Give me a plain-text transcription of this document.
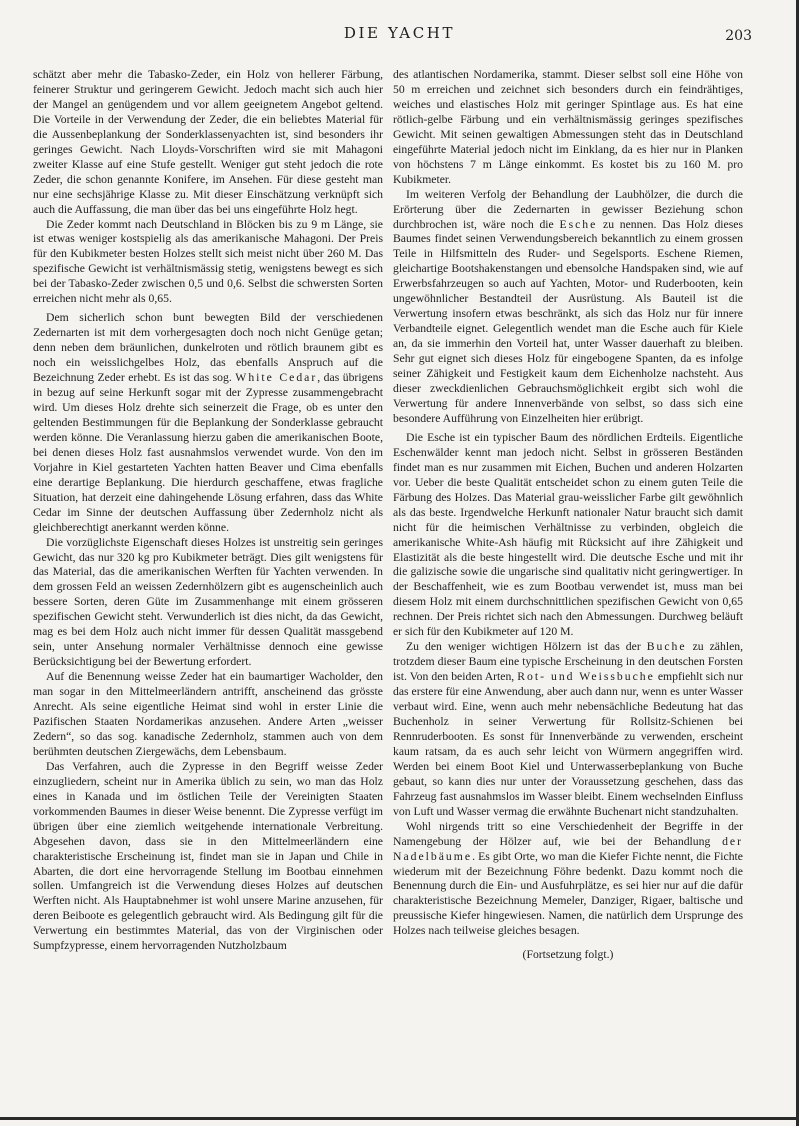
DIE YACHT	203

schätzt aber mehr die Tabasko-Zeder, ein Holz von hellerer Färbung, feinerer Struktur und geringerem Gewicht. Jedoch macht sich auch hier der Mangel an genügendem und vor allem geeignetem Angebot geltend. Die Vorteile in der Verwendung der Zeder, die ein beliebtes Material für die Aussenbeplankung der Sonderklassenyachten ist, sind besonders ihr geringes Gewicht. Nach Lloyds-Vorschriften wird sie mit Mahagoni zweiter Klasse auf eine Stufe gestellt. Weniger gut steht jedoch die rote Zeder, die schon genannte Konifere, im Ansehen. Für diese gesteht man nur eine sechsjährige Klasse zu. Mit dieser Einschätzung verknüpft sich auch die Auffassung, die man über das bei uns eingeführte Holz hegt.

Die Zeder kommt nach Deutschland in Blöcken bis zu 9 m Länge, sie ist etwas weniger kostspielig als das amerikanische Mahagoni. Der Preis für den Kubikmeter besten Holzes stellt sich meist nicht über 260 M. Das spezifische Gewicht ist verhältnismässig stetig, wenigstens bewegt es sich bei der Tabasko-Zeder zwischen 0,5 und 0,6. Selbst die schwersten Sorten erreichen nicht mehr als 0,65.

Dem sicherlich schon bunt bewegten Bild der verschiedenen Zedernarten ist mit dem vorhergesagten doch noch nicht Genüge getan; denn neben dem bräunlichen, dunkelroten und rötlich braunem gibt es noch ein weisslichgelbes Holz, das ebenfalls Anspruch auf die Bezeichnung Zeder erhebt. Es ist das sog. White Cedar, das übrigens in bezug auf seine Herkunft sogar mit der Zypresse zusammengebracht wird. Um dieses Holz drehte sich seinerzeit die Frage, ob es unter den geltenden Bestimmungen für die Beplankung der Sonderklasse gebraucht werden könne. Die Veranlassung hierzu gaben die amerikanischen Boote, bei denen dieses Holz fast ausnahmslos verwendet wurde. Von den im Vorjahre in Kiel gestarteten Yachten hatten Beaver und Cima ebenfalls eine derartige Beplankung. Die hierdurch geschaffene, etwas fragliche Situation, hat derzeit eine dahingehende Lösung erfahren, dass das White Cedar im Sinne der deutschen Auffassung über Zedernholz nicht als gleichberechtigt anerkannt werden könne.

Die vorzüglichste Eigenschaft dieses Holzes ist unstreitig sein geringes Gewicht, das nur 320 kg pro Kubikmeter beträgt. Dies gilt wenigstens für das Material, das die amerikanischen Werften für Yachten verwenden. In dem grossen Feld an weissen Zedernhölzern gibt es augenscheinlich auch bessere Sorten, deren Güte im Zusammenhange mit einem grösseren spezifischen Gewicht steht. Verwunderlich ist dies nicht, da das Gewicht, mag es bei dem Holz auch nicht immer für dessen Qualität massgebend sein, unter Ansehung normaler Verhältnisse dennoch eine gewisse Berücksichtigung bei der Bewertung erfordert.

Auf die Benennung weisse Zeder hat ein baumartiger Wacholder, den man sogar in den Mittelmeerländern antrifft, anscheinend das grösste Anrecht. Als seine eigentliche Heimat sind wohl in erster Linie die Pazifischen Staaten Nordamerikas anzusehen. Andere Arten „weisser Zedern“, so das sog. kanadische Zedernholz, stammen auch von dem berühmten deutschen Ziergewächs, dem Lebensbaum.

Das Verfahren, auch die Zypresse in den Begriff weisse Zeder einzugliedern, scheint nur in Amerika üblich zu sein, wo man das Holz eines in Kanada und im östlichen Teile der Vereinigten Staaten vorkommenden Baumes in dieser Weise benennt. Die Zypresse verfügt im übrigen über eine ziemlich weitgehende internationale Verbreitung. Abgesehen davon, dass sie in den Mittelmeerländern eine charakteristische Erscheinung ist, findet man sie in Japan und Chile in Abarten, die dort eine hervorragende Stellung im Bootbau einnehmen sollen. Umfangreich ist die Verwendung dieses Holzes auf deutschen Werften nicht. Als Hauptabnehmer ist wohl unsere Marine anzusehen, für deren Beiboote es gelegentlich gebraucht wird. Als Bedingung gilt für die Verwertung ein bestimmtes Material, das von der Virginischen oder Sumpfzypresse, einem hervorragenden Nutzholzbaum

des atlantischen Nordamerika, stammt. Dieser selbst soll eine Höhe von 50 m erreichen und zeichnet sich besonders durch ein feindrähtiges, weiches und elastisches Holz mit geringer Spintlage aus. Es hat eine rötlich-gelbe Färbung und ein verhältnismässig geringes spezifisches Gewicht. Mit seinen gewaltigen Abmessungen steht das in Deutschland eingeführte Material jedoch nicht im Einklang, da es hier nur in Planken von höchstens 7 m Länge einkommt. Es kostet bis zu 160 M. pro Kubikmeter.

Im weiteren Verfolg der Behandlung der Laubhölzer, die durch die Erörterung über die Zedernarten in gewisser Beziehung schon durchbrochen ist, wäre noch die Esche zu nennen. Das Holz dieses Baumes findet seinen Verwendungsbereich bekanntlich zu einem grossen Teile in Hilfsmitteln des Ruder- und Segelsports. Eschene Riemen, gleichartige Bootshakenstangen und ebensolche Handspaken sind, wie auf Erwerbsfahrzeugen so auch auf Yachten, Motor- und Ruderbooten, kein ungewöhnlicher Bestandteil der Ausrüstung. Als Bauteil ist die Verwertung insofern etwas beschränkt, als sich das Holz nur für innere Verbandteile eignet. Gelegentlich wendet man die Esche auch für Kiele an, da sie immerhin den Vorteil hat, unter Wasser dauerhaft zu bleiben. Sehr gut eignet sich dieses Holz für eingebogene Spanten, da es infolge seiner Zähigkeit und Festigkeit kaum dem Eichenholze nachsteht. Aus dieser zweckdienlichen Gebrauchsmöglichkeit ergibt sich wohl die Verwertung für andere Innenverbände von selbst, so dass sich eine besondere Aufführung von Einzelheiten hier erübrigt.

Die Esche ist ein typischer Baum des nördlichen Erdteils. Eigentliche Eschenwälder kennt man jedoch nicht. Selbst in grösseren Beständen findet man es nur zusammen mit Eichen, Buchen und anderen Holzarten vor. Ueber die beste Qualität entscheidet schon zu einem guten Teile die Färbung des Holzes. Das Material grau-weisslicher Farbe gilt gewöhnlich als das beste. Irgendwelche Herkunft nationaler Natur braucht sich damit nicht für die heimischen Verhältnisse zu verbinden, obgleich die amerikanische White-Ash häufig mit Rücksicht auf ihre Zähigkeit und Elastizität als die beste hingestellt wird. Die deutsche Esche und mit ihr die galizische sowie die ungarische sind qualitativ nicht geringwertiger. In der Beschaffenheit, wie es zum Bootbau verwendet ist, muss man bei diesem Holz mit einem durchschnittlichen spezifischen Gewicht von 0,65 rechnen. Der Preis richtet sich nach den Abmessungen. Durchweg beläuft er sich für den Kubikmeter auf 120 M.

Zu den weniger wichtigen Hölzern ist das der Buche zu zählen, trotzdem dieser Baum eine typische Erscheinung in den deutschen Forsten ist. Von den beiden Arten, Rot- und Weissbuche empfiehlt sich nur das erstere für eine Anwendung, aber auch dann nur, wenn es unter Wasser verbaut wird. Eine, wenn auch mehr nebensächliche Bedeutung hat das Buchenholz in seiner Verwertung für Rollsitz-Schienen bei Rennruderbooten. Es sonst für Innenverbände zu verwenden, erscheint kaum ratsam, da es auch sehr leicht von Würmern angegriffen wird. Werden bei einem Boot Kiel und Unterwasserbeplankung von Buche gebaut, so kann dies nur unter der Voraussetzung geschehen, dass das Fahrzeug fast ausnahmslos im Wasser bleibt. Einem wechselnden Einfluss von Luft und Wasser vermag die erwähnte Buchenart nicht standzuhalten.

Wohl nirgends tritt so eine Verschiedenheit der Begriffe in der Namengebung der Hölzer auf, wie bei der Behandlung der Nadelbäume. Es gibt Orte, wo man die Kiefer Fichte nennt, die Fichte wiederum mit der Bezeichnung Föhre bedenkt. Dazu kommt noch die Benennung durch die Ein- und Ausfuhrplätze, es sei hier nur auf die dafür charakteristische Bezeichnung Memeler, Danziger, Rigaer, baltische und preussische Kiefer hingewiesen. Namen, die natürlich dem Ursprunge des Holzes nach teilweise gleiches besagen.

(Fortsetzung folgt.)
